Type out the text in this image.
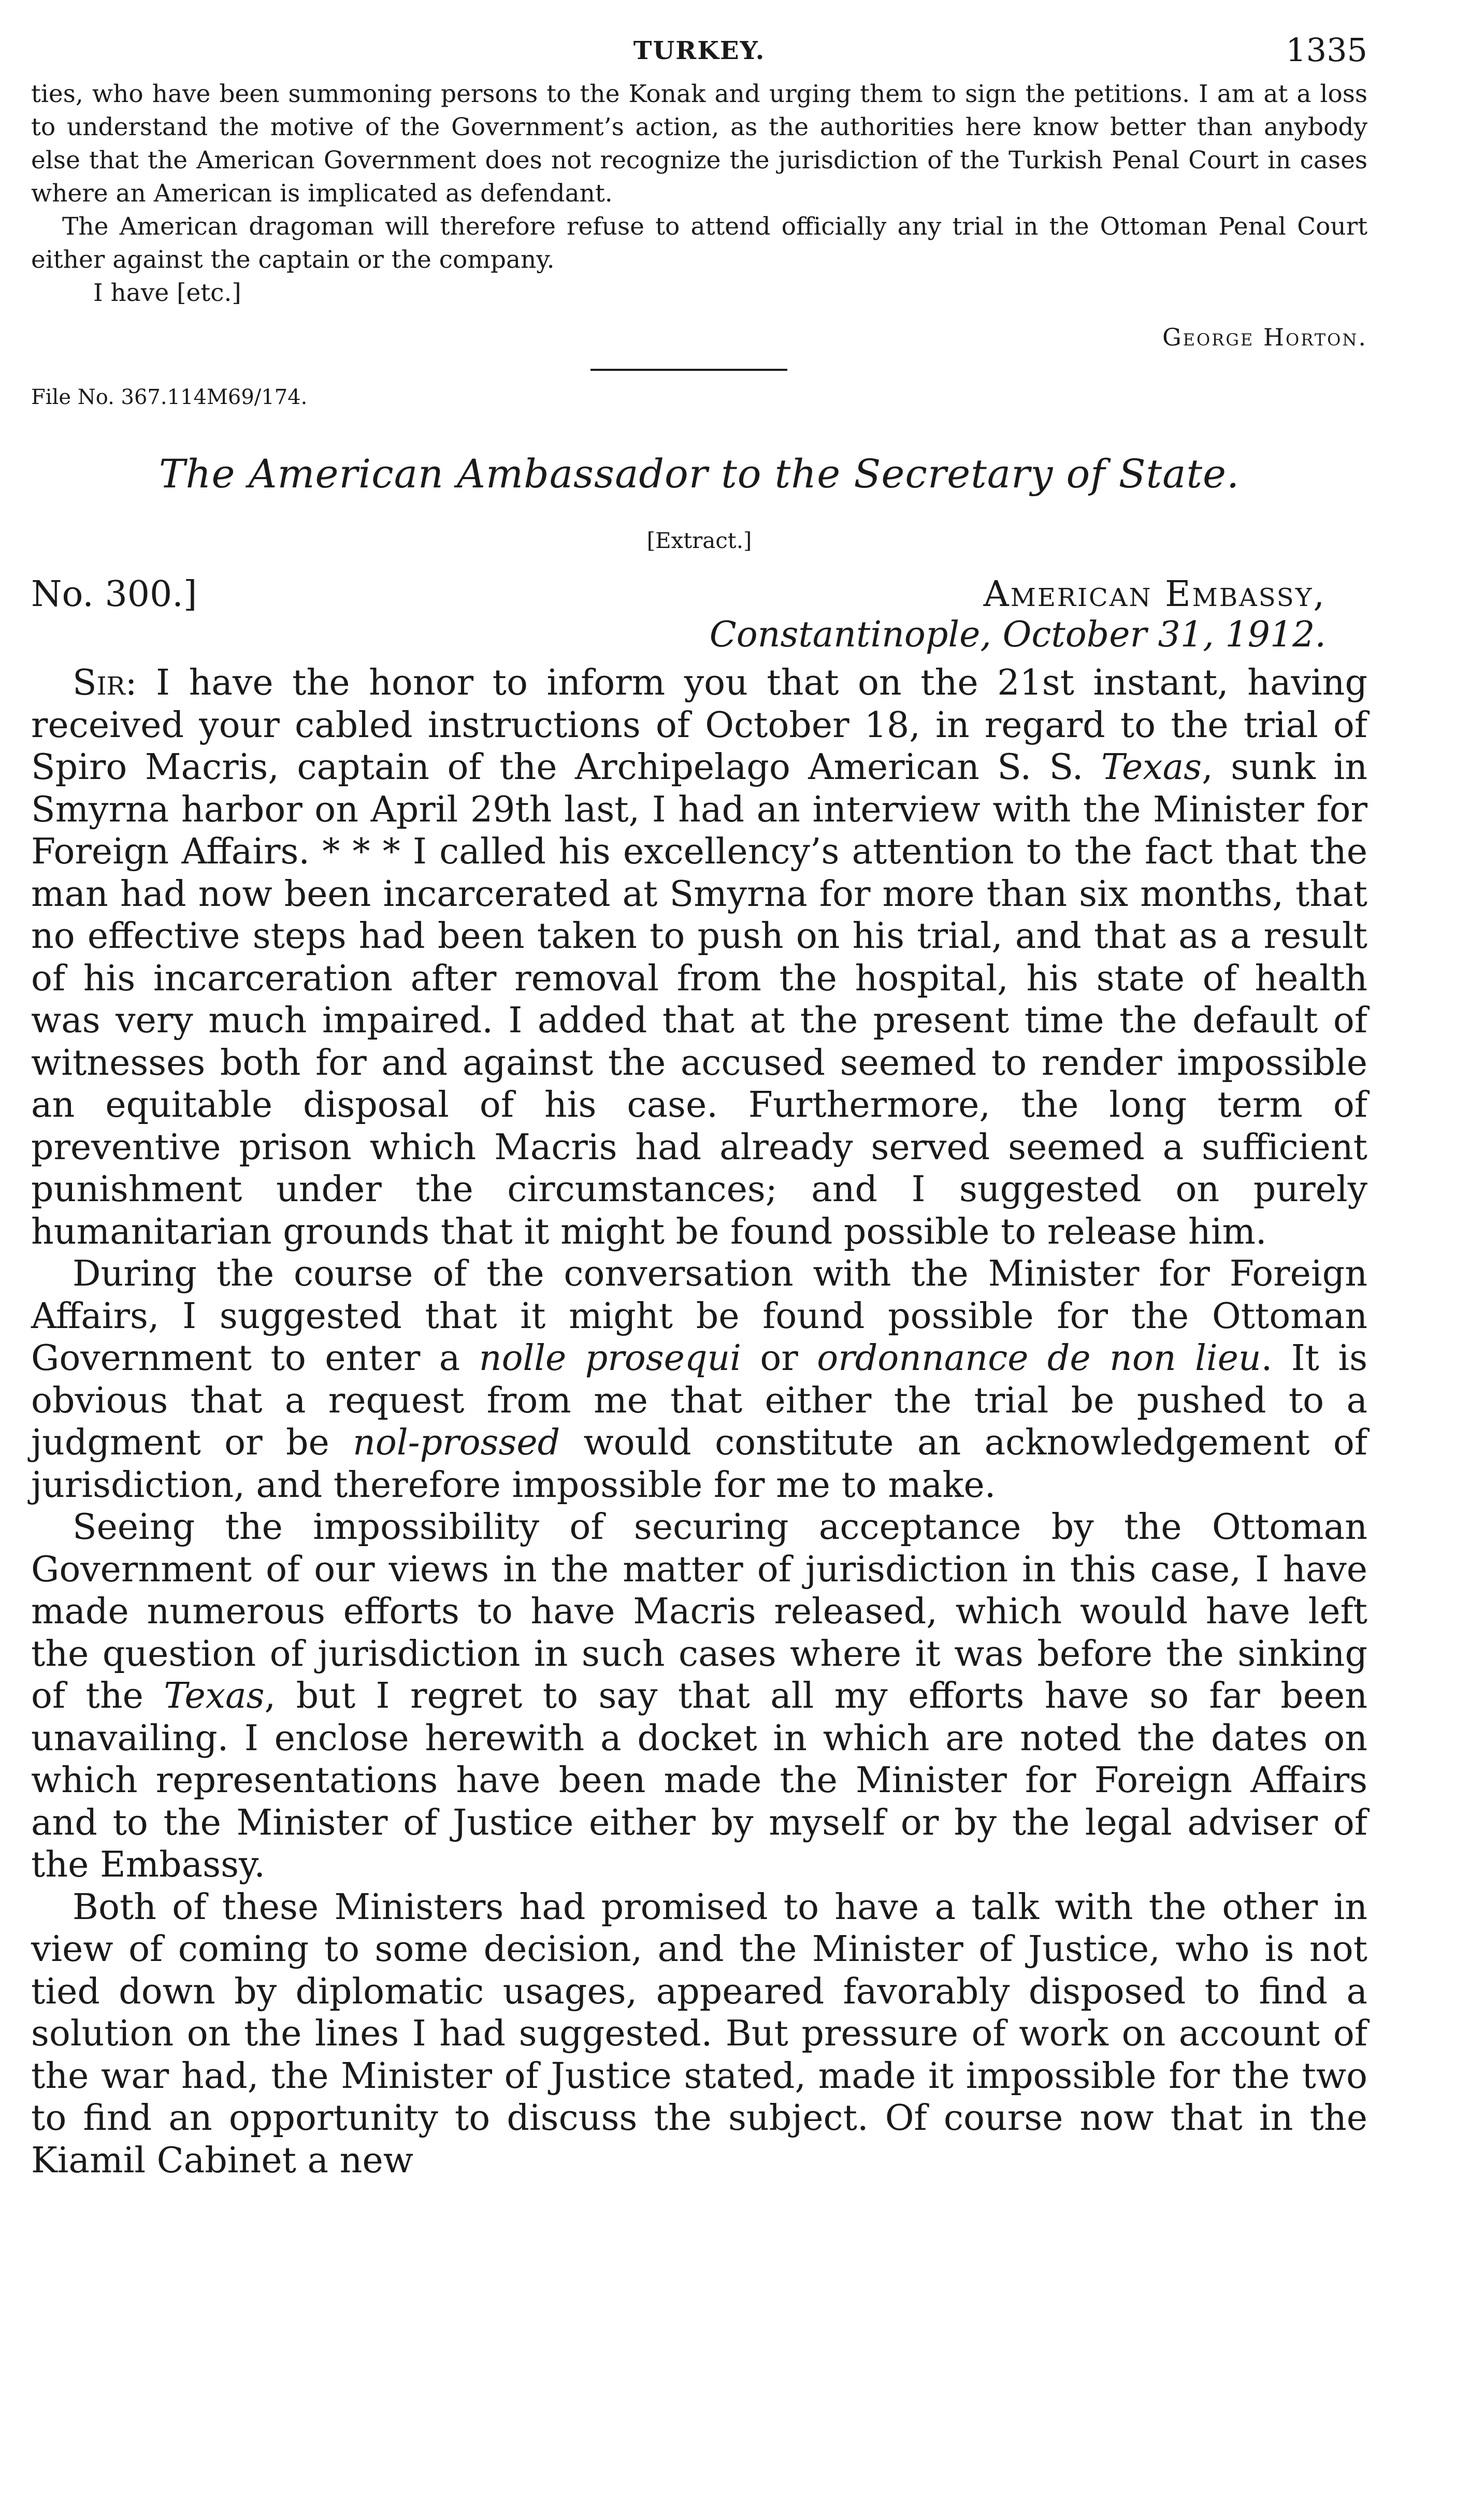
TURKEY.	1335

ties, who have been summoning persons to the Konak and urging them to sign the petitions. I am at a loss to understand the motive of the Government’s action, as the authorities here know better than anybody else that the American Government does not recognize the jurisdiction of the Turkish Penal Court in cases where an American is implicated as defendant.

The American dragoman will therefore refuse to attend officially any trial in the Ottoman Penal Court either against the captain or the company.

I have [etc.]

George Horton.
File No. 367.114M69/174.
The American Ambassador to the Secretary of State.
[Extract.]
No. 300.]	American Embassy,
Constantinople, October 31, 1912.

Sir: I have the honor to inform you that on the 21st instant, having received your cabled instructions of October 18, in regard to the trial of Spiro Macris, captain of the Archipelago American S. S. Texas, sunk in Smyrna harbor on April 29th last, I had an interview with the Minister for Foreign Affairs. * * * I called his excellency’s attention to the fact that the man had now been incarcerated at Smyrna for more than six months, that no effective steps had been taken to push on his trial, and that as a result of his incarceration after removal from the hospital, his state of health was very much impaired. I added that at the present time the default of witnesses both for and against the accused seemed to render impossible an equitable disposal of his case. Furthermore, the long term of preventive prison which Macris had already served seemed a sufficient punishment under the circumstances; and I suggested on purely humanitarian grounds that it might be found possible to release him.

During the course of the conversation with the Minister for Foreign Affairs, I suggested that it might be found possible for the Ottoman Government to enter a nolle prosequi or ordonnance de non lieu. It is obvious that a request from me that either the trial be pushed to a judgment or be nol-prossed would constitute an acknowledgement of jurisdiction, and therefore impossible for me to make.

Seeing the impossibility of securing acceptance by the Ottoman Government of our views in the matter of jurisdiction in this case, I have made numerous efforts to have Macris released, which would have left the question of jurisdiction in such cases where it was before the sinking of the Texas, but I regret to say that all my efforts have so far been unavailing. I enclose herewith a docket in which are noted the dates on which representations have been made the Minister for Foreign Affairs and to the Minister of Justice either by myself or by the legal adviser of the Embassy.

Both of these Ministers had promised to have a talk with the other in view of coming to some decision, and the Minister of Justice, who is not tied down by diplomatic usages, appeared favorably disposed to find a solution on the lines I had suggested. But pressure of work on account of the war had, the Minister of Justice stated, made it impossible for the two to find an opportunity to discuss the subject. Of course now that in the Kiamil Cabinet a new
